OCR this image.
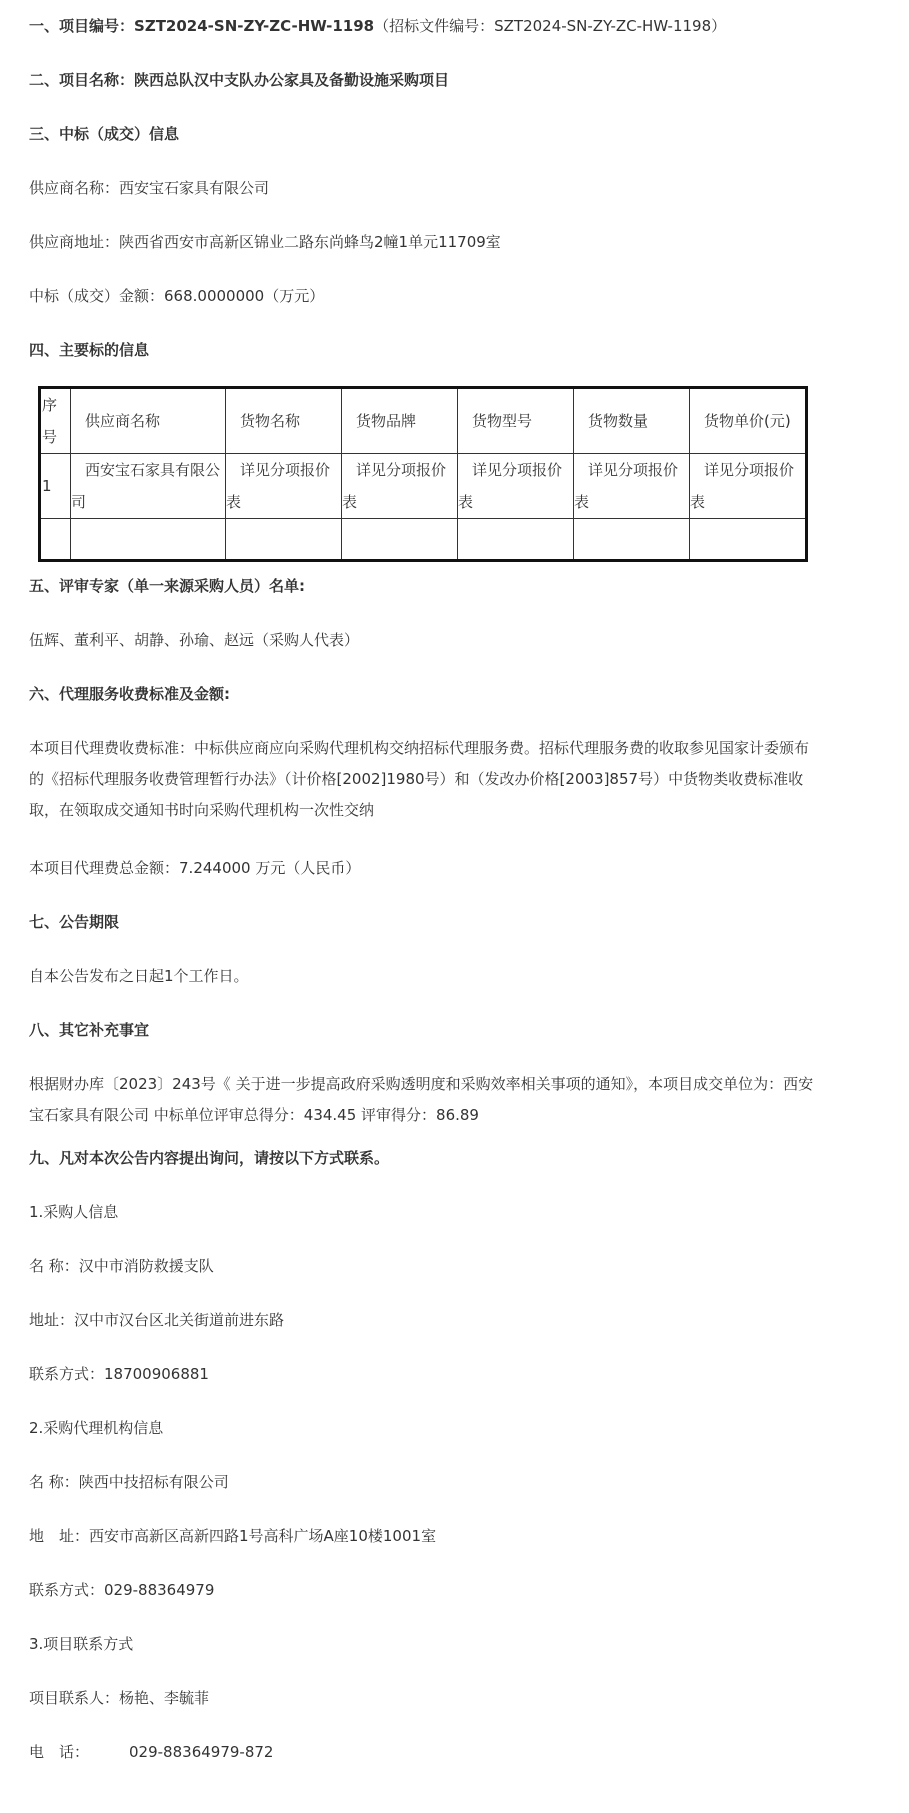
一、项目编号：SZT2024-SN-ZY-ZC-HW-1198（招标文件编号：SZT2024-SN-ZY-ZC-HW-1198）
二、项目名称：陕西总队汉中支队办公家具及备勤设施采购项目
三、中标（成交）信息
供应商名称：西安宝石家具有限公司
供应商地址：陕西省西安市高新区锦业二路东尚蜂鸟2幢1单元11709室
中标（成交）金额：668.0000000（万元）
四、主要标的信息
序号	供应商名称	货物名称	货物品牌	货物型号	货物数量	货物单价(元)

1	西安宝石家具有限公司	详见分项报价表	详见分项报价表	详见分项报价表	详见分项报价表	详见分项报价表

五、评审专家（单一来源采购人员）名单:
伍辉、董利平、胡静、孙瑜、赵远（采购人代表）
六、代理服务收费标准及金额:
本项目代理费收费标准：中标供应商应向采购代理机构交纳招标代理服务费。招标代理服务费的收取参见国家计委颁布的《招标代理服务收费管理暂行办法》（计价格[2002]1980号）和（发改办价格[2003]857号）中货物类收费标准收取，在领取成交通知书时向采购代理机构一次性交纳
本项目代理费总金额：7.244000 万元（人民币）
七、公告期限
自本公告发布之日起1个工作日。
八、其它补充事宜
根据财办库〔2023〕243号《 关于进一步提高政府采购透明度和采购效率相关事项的通知》，本项目成交单位为：西安宝石家具有限公司 中标单位评审总得分：434.45 评审得分：86.89
九、凡对本次公告内容提出询问，请按以下方式联系。
1.采购人信息
名 称：汉中市消防救援支队
地址：汉中市汉台区北关街道前进东路
联系方式：18700906881
2.采购代理机构信息
名 称：陕西中技招标有限公司
地　址：西安市高新区高新四路1号高科广场A座10楼1001室
联系方式：029-88364979
3.项目联系方式
项目联系人：杨艳、李毓菲
电　话：	029-88364979-872
